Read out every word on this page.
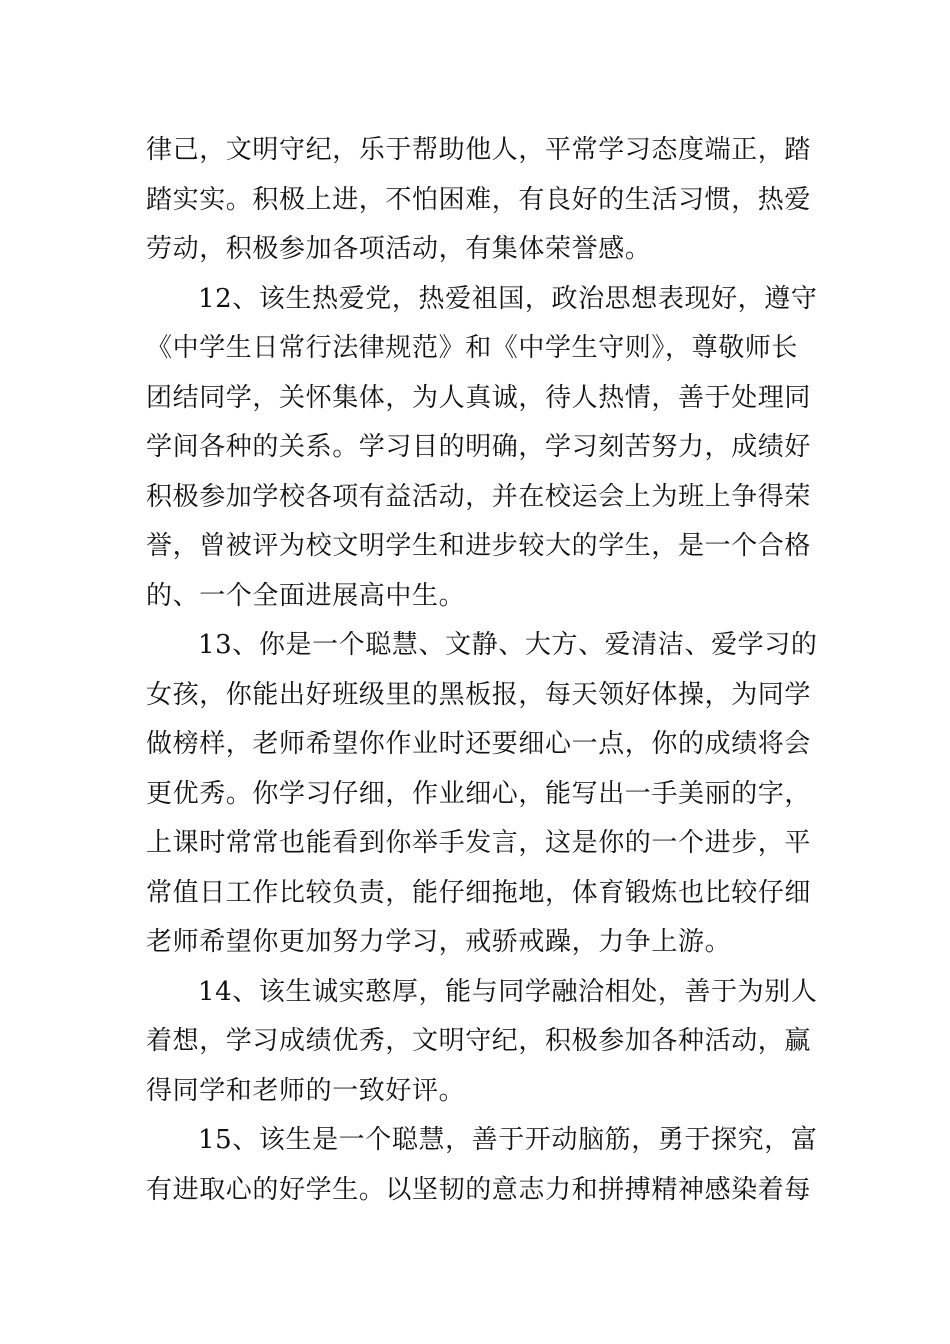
律己，文明守纪，乐于帮助他人，平常学习态度端正，踏
踏实实。积极上进，不怕困难，有良好的生活习惯，热爱
劳动，积极参加各项活动，有集体荣誉感。
12、该生热爱党，热爱祖国，政治思想表现好，遵守
《中学生日常行法律规范》和《中学生守则》，尊敬师长
团结同学，关怀集体，为人真诚，待人热情，善于处理同
学间各种的关系。学习目的明确，学习刻苦努力，成绩好
积极参加学校各项有益活动，并在校运会上为班上争得荣
誉，曾被评为校文明学生和进步较大的学生，是一个合格
的、一个全面进展高中生。
13、你是一个聪慧、文静、大方、爱清洁、爱学习的
女孩，你能出好班级里的黑板报，每天领好体操，为同学
做榜样，老师希望你作业时还要细心一点，你的成绩将会
更优秀。你学习仔细，作业细心，能写出一手美丽的字，
上课时常常也能看到你举手发言，这是你的一个进步，平
常值日工作比较负责，能仔细拖地，体育锻炼也比较仔细
老师希望你更加努力学习，戒骄戒躁，力争上游。
14、该生诚实憨厚，能与同学融洽相处，善于为别人
着想，学习成绩优秀，文明守纪，积极参加各种活动，赢
得同学和老师的一致好评。
15、该生是一个聪慧，善于开动脑筋，勇于探究，富
有进取心的好学生。以坚韧的意志力和拼搏精神感染着每
